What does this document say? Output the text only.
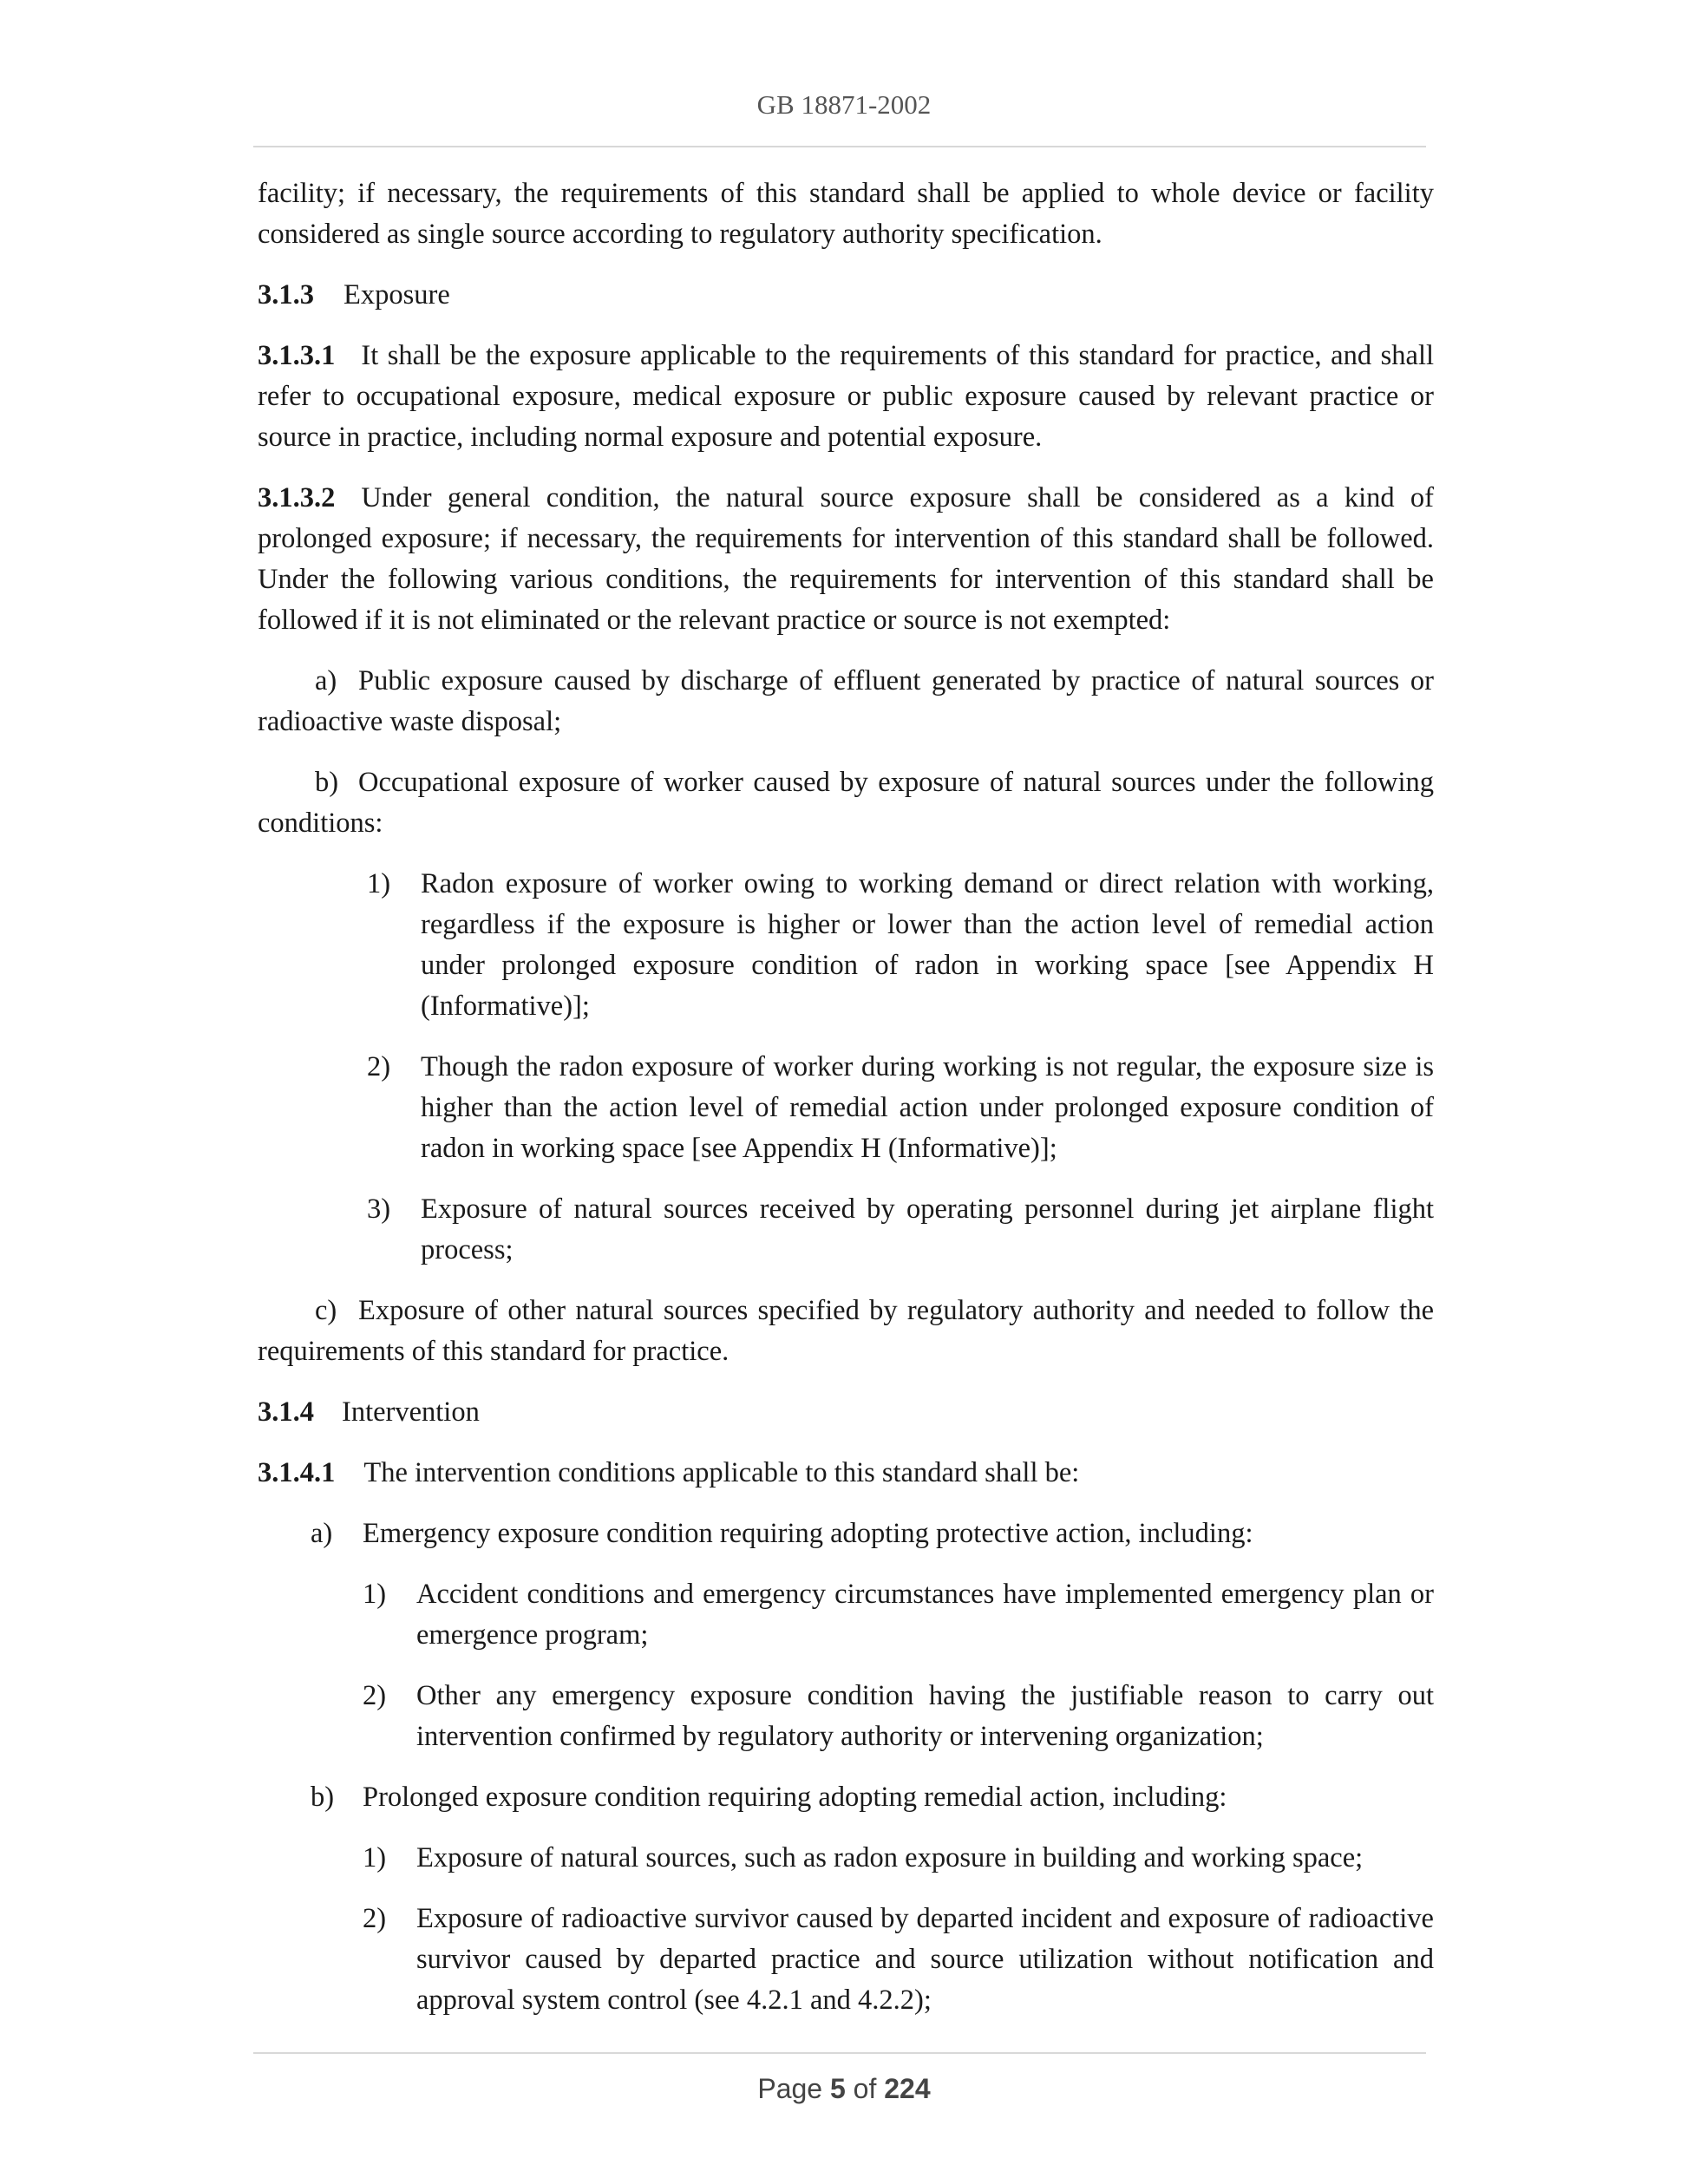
GB 18871-2002

facility; if necessary, the requirements of this standard shall be applied to whole device or facility considered as single source according to regulatory authority specification.

3.1.3 Exposure

3.1.3.1 It shall be the exposure applicable to the requirements of this standard for practice, and shall refer to occupational exposure, medical exposure or public exposure caused by relevant practice or source in practice, including normal exposure and potential exposure.

3.1.3.2 Under general condition, the natural source exposure shall be considered as a kind of prolonged exposure; if necessary, the requirements for intervention of this standard shall be followed. Under the following various conditions, the requirements for intervention of this standard shall be followed if it is not eliminated or the relevant practice or source is not exempted:

a) Public exposure caused by discharge of effluent generated by practice of natural sources or radioactive waste disposal;

b) Occupational exposure of worker caused by exposure of natural sources under the following conditions:

1) Radon exposure of worker owing to working demand or direct relation with working, regardless if the exposure is higher or lower than the action level of remedial action under prolonged exposure condition of radon in working space [see Appendix H (Informative)];

2) Though the radon exposure of worker during working is not regular, the exposure size is higher than the action level of remedial action under prolonged exposure condition of radon in working space [see Appendix H (Informative)];

3) Exposure of natural sources received by operating personnel during jet airplane flight process;

c) Exposure of other natural sources specified by regulatory authority and needed to follow the requirements of this standard for practice.

3.1.4 Intervention

3.1.4.1 The intervention conditions applicable to this standard shall be:

a) Emergency exposure condition requiring adopting protective action, including:

1) Accident conditions and emergency circumstances have implemented emergency plan or emergence program;

2) Other any emergency exposure condition having the justifiable reason to carry out intervention confirmed by regulatory authority or intervening organization;

b) Prolonged exposure condition requiring adopting remedial action, including:

1) Exposure of natural sources, such as radon exposure in building and working space;

2) Exposure of radioactive survivor caused by departed incident and exposure of radioactive survivor caused by departed practice and source utilization without notification and approval system control (see 4.2.1 and 4.2.2);

Page 5 of 224
